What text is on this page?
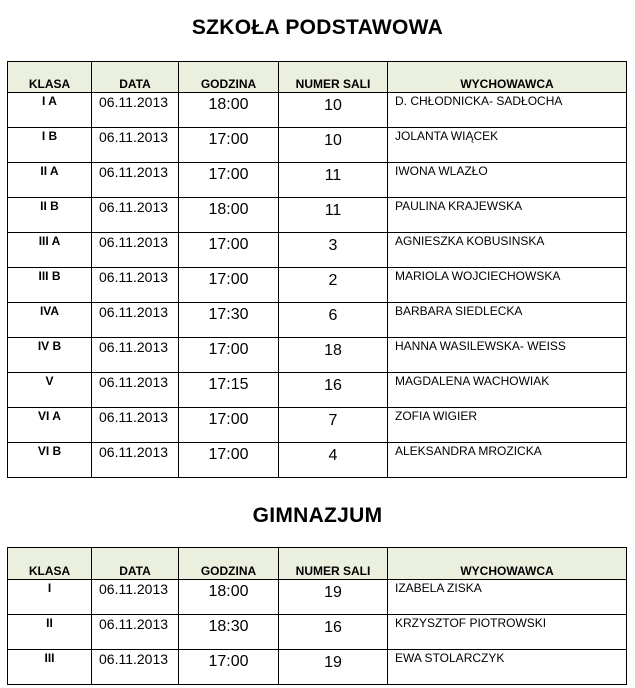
SZKOŁA PODSTAWOWA
KLASA	DATA	GODZINA	NUMER SALI	WYCHOWAWCA
I A	06.11.2013	18:00	10	D. CHŁODNICKA- SADŁOCHA
I B	06.11.2013	17:00	10	JOLANTA WIĄCEK
II A	06.11.2013	17:00	11	IWONA WLAZŁO
II B	06.11.2013	18:00	11	PAULINA KRAJEWSKA
III A	06.11.2013	17:00	3	AGNIESZKA KOBUSINSKA
III B	06.11.2013	17:00	2	MARIOLA WOJCIECHOWSKA
IVA	06.11.2013	17:30	6	BARBARA SIEDLECKA
IV B	06.11.2013	17:00	18	HANNA WASILEWSKA- WEISS
V	06.11.2013	17:15	16	MAGDALENA WACHOWIAK
VI A	06.11.2013	17:00	7	ZOFIA WIGIER
VI B	06.11.2013	17:00	4	ALEKSANDRA MROZICKA
GIMNAZJUM
KLASA	DATA	GODZINA	NUMER SALI	WYCHOWAWCA
I	06.11.2013	18:00	19	IZABELA ZISKA
II	06.11.2013	18:30	16	KRZYSZTOF PIOTROWSKI
III	06.11.2013	17:00	19	EWA STOLARCZYK
